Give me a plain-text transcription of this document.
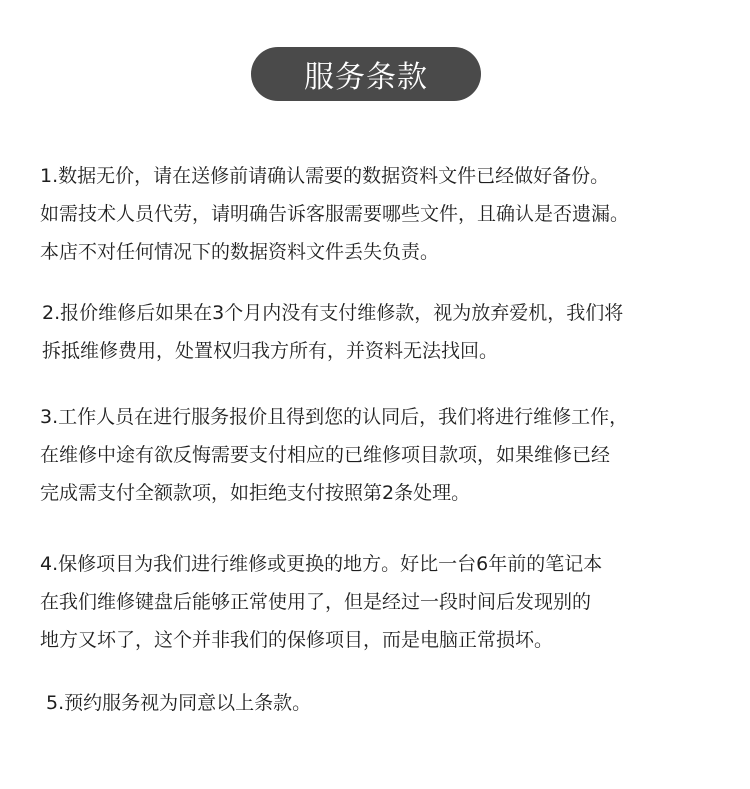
服务条款
1.数据无价，请在送修前请确认需要的数据资料文件已经做好备份。
如需技术人员代劳，请明确告诉客服需要哪些文件，且确认是否遗漏。
本店不对任何情况下的数据资料文件丢失负责。
2.报价维修后如果在3个月内没有支付维修款，视为放弃爱机，我们将
拆抵维修费用，处置权归我方所有，并资料无法找回。
3.工作人员在进行服务报价且得到您的认同后，我们将进行维修工作，
在维修中途有欲反悔需要支付相应的已维修项目款项，如果维修已经
完成需支付全额款项，如拒绝支付按照第2条处理。
4.保修项目为我们进行维修或更换的地方。好比一台6年前的笔记本
在我们维修键盘后能够正常使用了，但是经过一段时间后发现别的
地方又坏了，这个并非我们的保修项目，而是电脑正常损坏。
5.预约服务视为同意以上条款。
